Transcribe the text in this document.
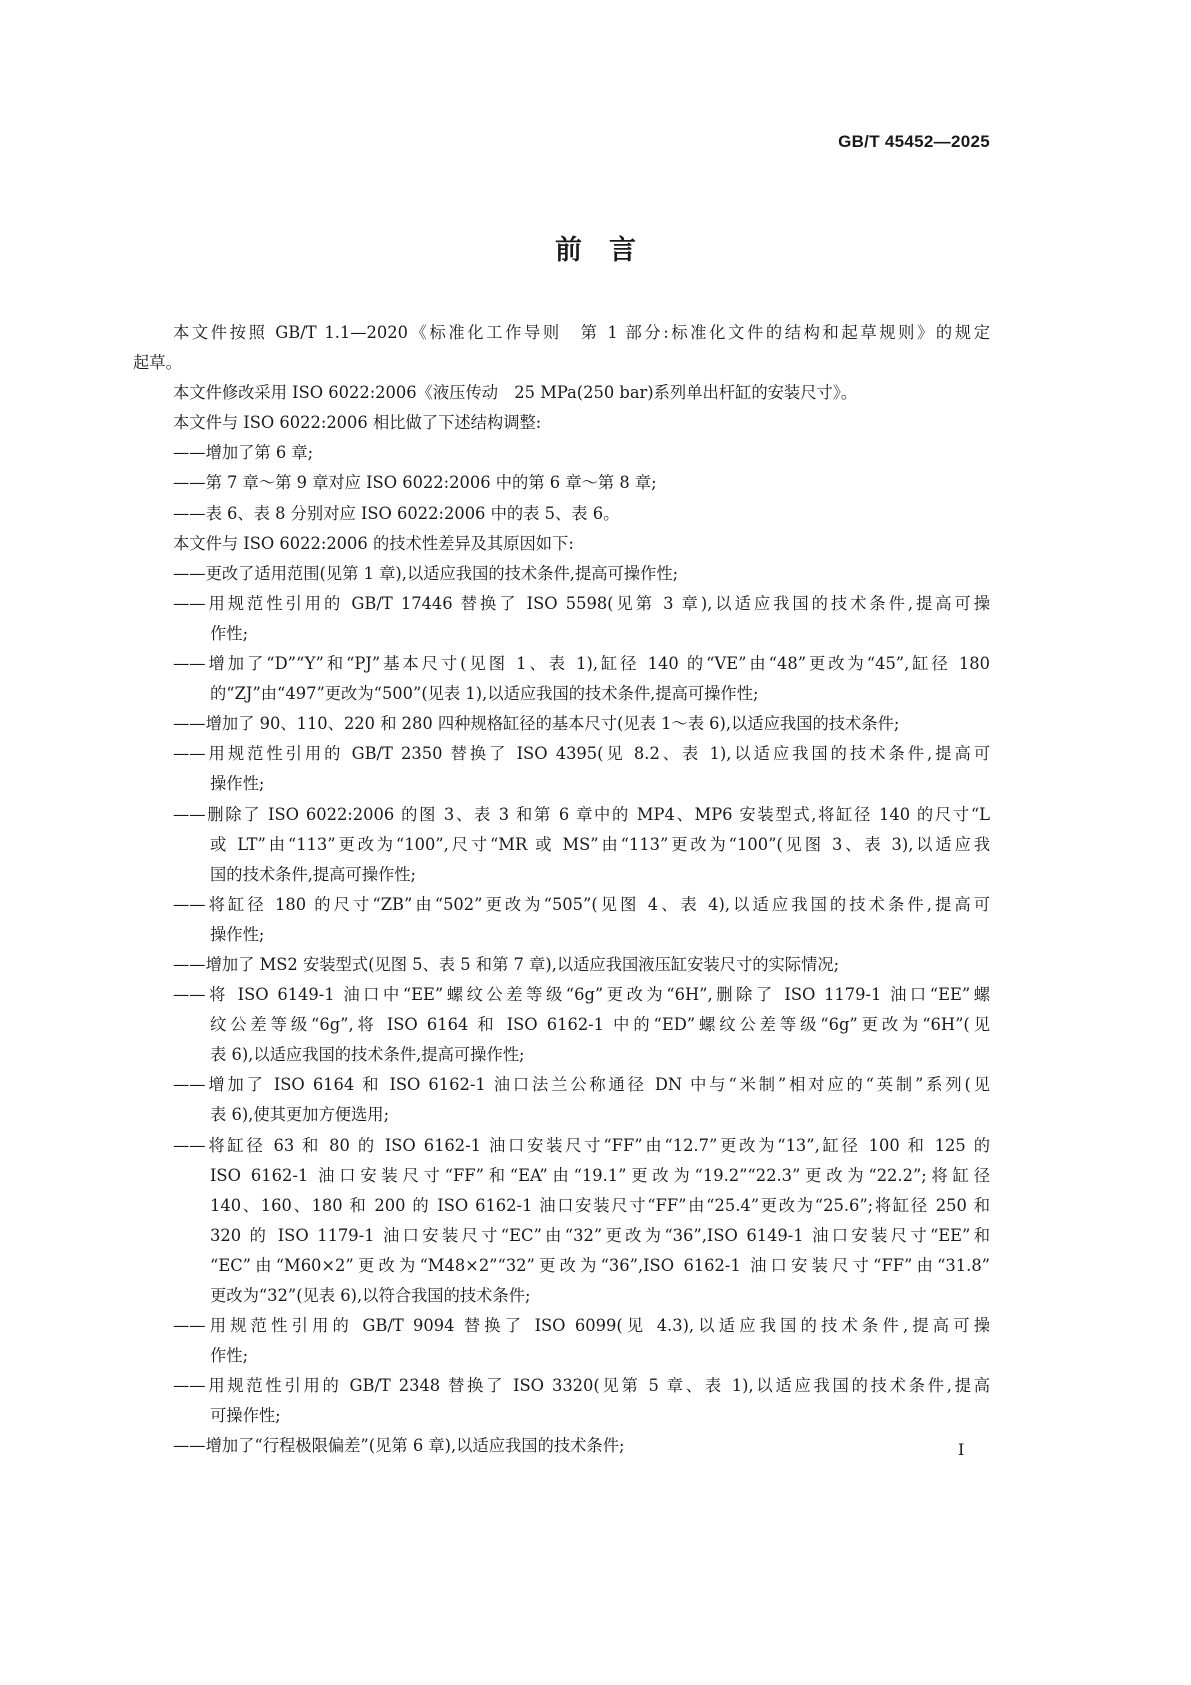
GB/T 45452—2025
前　言
本文件按照 GB/T 1.1—2020《标准化工作导则　第 1 部分:标准化文件的结构和起草规则》的规定
起草。
本文件修改采用 ISO 6022:2006《液压传动　25 MPa(250 bar)系列单出杆缸的安装尺寸》。
本文件与 ISO 6022:2006 相比做了下述结构调整:
——增加了第 6 章;
——第 7 章～第 9 章对应 ISO 6022:2006 中的第 6 章～第 8 章;
——表 6、表 8 分别对应 ISO 6022:2006 中的表 5、表 6。
本文件与 ISO 6022:2006 的技术性差异及其原因如下:
——更改了适用范围(见第 1 章),以适应我国的技术条件,提高可操作性;
——用规范性引用的 GB/T 17446 替换了 ISO 5598(见第 3 章),以适应我国的技术条件,提高可操
作性;
——增加了“D”“Y”和“PJ”基本尺寸(见图 1、表 1),缸径 140 的“VE”由“48”更改为“45”,缸径 180
的“ZJ”由“497”更改为“500”(见表 1),以适应我国的技术条件,提高可操作性;
——增加了 90、110、220 和 280 四种规格缸径的基本尺寸(见表 1～表 6),以适应我国的技术条件;
——用规范性引用的 GB/T 2350 替换了 ISO 4395(见 8.2、表 1),以适应我国的技术条件,提高可
操作性;
——删除了 ISO 6022:2006 的图 3、表 3 和第 6 章中的 MP4、MP6 安装型式,将缸径 140 的尺寸“L
或 LT”由“113”更改为“100”,尺寸“MR 或 MS”由“113”更改为“100”(见图 3、表 3),以适应我
国的技术条件,提高可操作性;
——将缸径 180 的尺寸“ZB”由“502”更改为“505”(见图 4、表 4),以适应我国的技术条件,提高可
操作性;
——增加了 MS2 安装型式(见图 5、表 5 和第 7 章),以适应我国液压缸安装尺寸的实际情况;
——将 ISO 6149-1 油口中“EE”螺纹公差等级“6g”更改为“6H”,删除了 ISO 1179-1 油口“EE”螺
纹公差等级“6g”,将 ISO 6164 和 ISO 6162-1 中的“ED”螺纹公差等级“6g”更改为“6H”(见
表 6),以适应我国的技术条件,提高可操作性;
——增加了 ISO 6164 和 ISO 6162-1 油口法兰公称通径 DN 中与“米制”相对应的“英制”系列(见
表 6),使其更加方便选用;
——将缸径 63 和 80 的 ISO 6162-1 油口安装尺寸“FF”由“12.7”更改为“13”,缸径 100 和 125 的
ISO 6162-1 油口安装尺寸“FF”和“EA”由“19.1”更改为“19.2”“22.3”更改为“22.2”;将缸径
140、160、180 和 200 的 ISO 6162-1 油口安装尺寸“FF”由“25.4”更改为“25.6”;将缸径 250 和
320 的 ISO 1179-1 油口安装尺寸“EC”由“32”更改为“36”,ISO 6149-1 油口安装尺寸“EE”和
“EC”由“M60×2”更改为“M48×2”“32”更改为“36”,ISO 6162-1 油口安装尺寸“FF”由“31.8”
更改为“32”(见表 6),以符合我国的技术条件;
——用规范性引用的 GB/T 9094 替换了 ISO 6099(见 4.3),以适应我国的技术条件,提高可操
作性;
——用规范性引用的 GB/T 2348 替换了 ISO 3320(见第 5 章、表 1),以适应我国的技术条件,提高
可操作性;
——增加了“行程极限偏差”(见第 6 章),以适应我国的技术条件;	I
